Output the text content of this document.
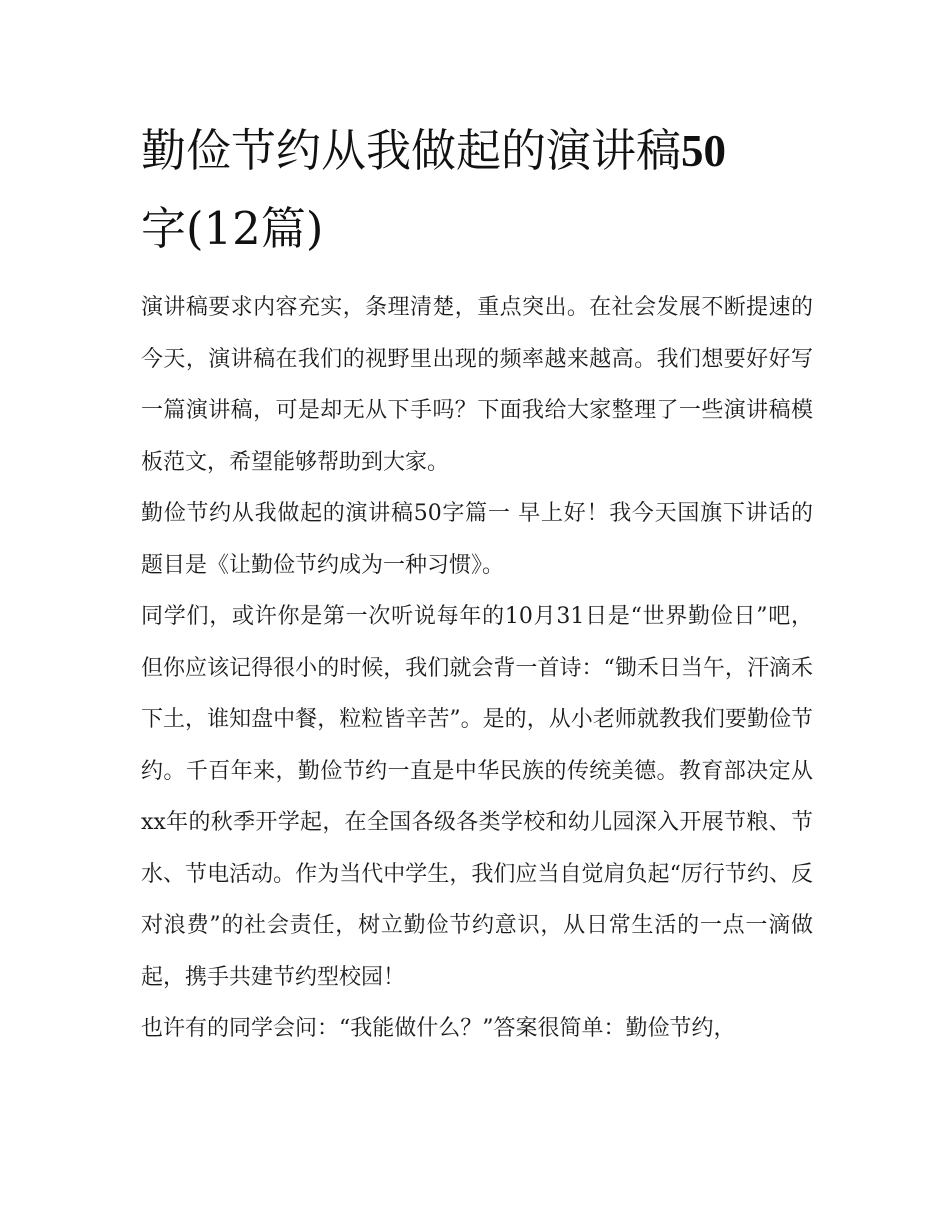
勤俭节约从我做起的演讲稿50
字(12篇)

演讲稿要求内容充实，条理清楚，重点突出。在社会发展不断提速的今天，演讲稿在我们的视野里出现的频率越来越高。我们想要好好写一篇演讲稿，可是却无从下手吗？下面我给大家整理了一些演讲稿模板范文，希望能够帮助到大家。

勤俭节约从我做起的演讲稿50字篇一 早上好！我今天国旗下讲话的题目是《让勤俭节约成为一种习惯》。

同学们，或许你是第一次听说每年的10月31日是“世界勤俭日”吧，但你应该记得很小的时候，我们就会背一首诗：“锄禾日当午，汗滴禾下土，谁知盘中餐，粒粒皆辛苦”。是的，从小老师就教我们要勤俭节约。千百年来，勤俭节约一直是中华民族的传统美德。教育部决定从xx年的秋季开学起，在全国各级各类学校和幼儿园深入开展节粮、节水、节电活动。作为当代中学生，我们应当自觉肩负起“厉行节约、反对浪费”的社会责任，树立勤俭节约意识，从日常生活的一点一滴做起，携手共建节约型校园！

也许有的同学会问：“我能做什么？”答案很简单：勤俭节约，
